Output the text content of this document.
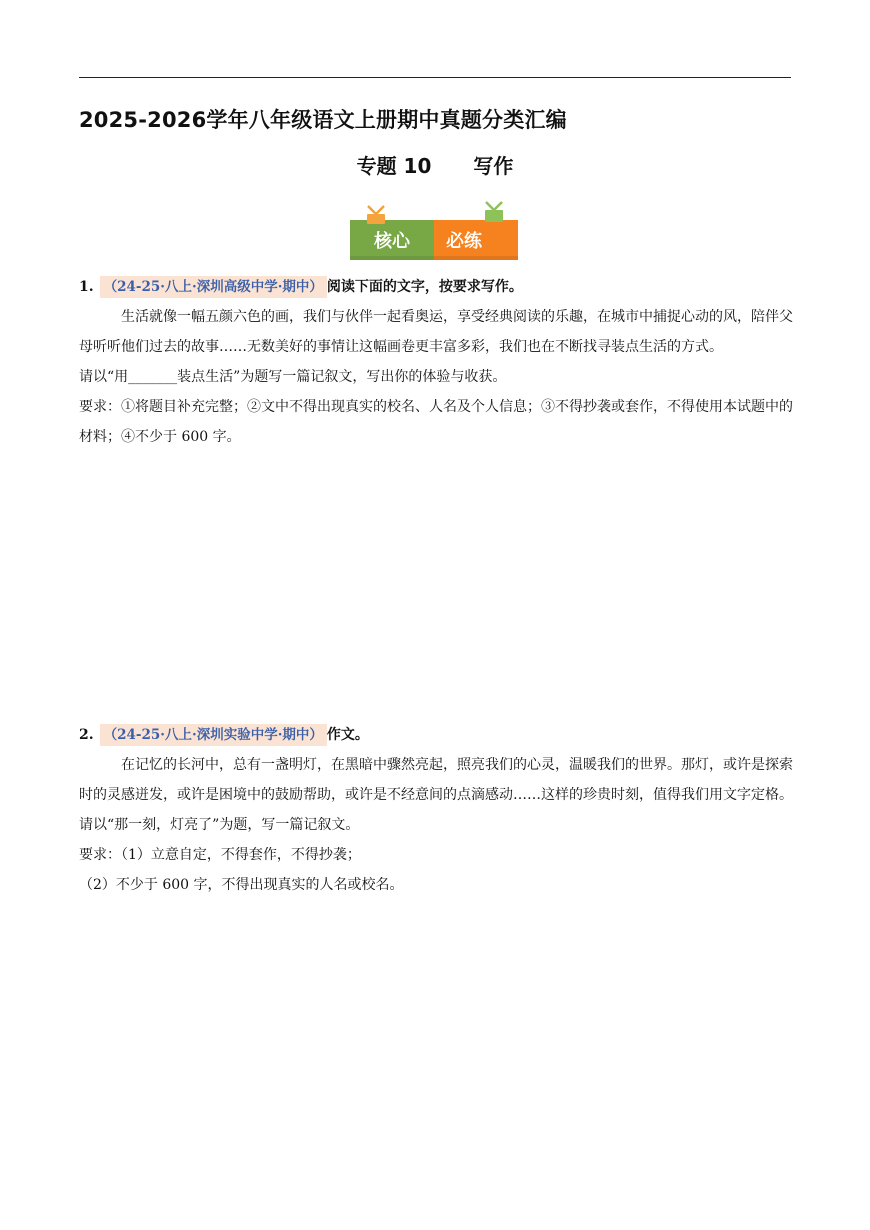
2025-2026学年八年级语文上册期中真题分类汇编
专题 10 写作
核心 必练
1. （24-25·八上·深圳高级中学·期中） 阅读下面的文字，按要求写作。

生活就像一幅五颜六色的画，我们与伙伴一起看奥运，享受经典阅读的乐趣，在城市中捕捉心动的风，陪伴父母听听他们过去的故事……无数美好的事情让这幅画卷更丰富多彩，我们也在不断找寻装点生活的方式。

请以“用_______装点生活”为题写一篇记叙文，写出你的体验与收获。

要求：①将题目补充完整；②文中不得出现真实的校名、人名及个人信息；③不得抄袭或套作，不得使用本试题中的材料；④不少于 600 字。

2. （24-25·八上·深圳实验中学·期中） 作文。

在记忆的长河中，总有一盏明灯，在黑暗中骤然亮起，照亮我们的心灵，温暖我们的世界。那灯，或许是探索时的灵感迸发，或许是困境中的鼓励帮助，或许是不经意间的点滴感动……这样的珍贵时刻，值得我们用文字定格。

请以“那一刻，灯亮了”为题，写一篇记叙文。

要求：（1）立意自定，不得套作，不得抄袭；

（2）不少于 600 字，不得出现真实的人名或校名。
